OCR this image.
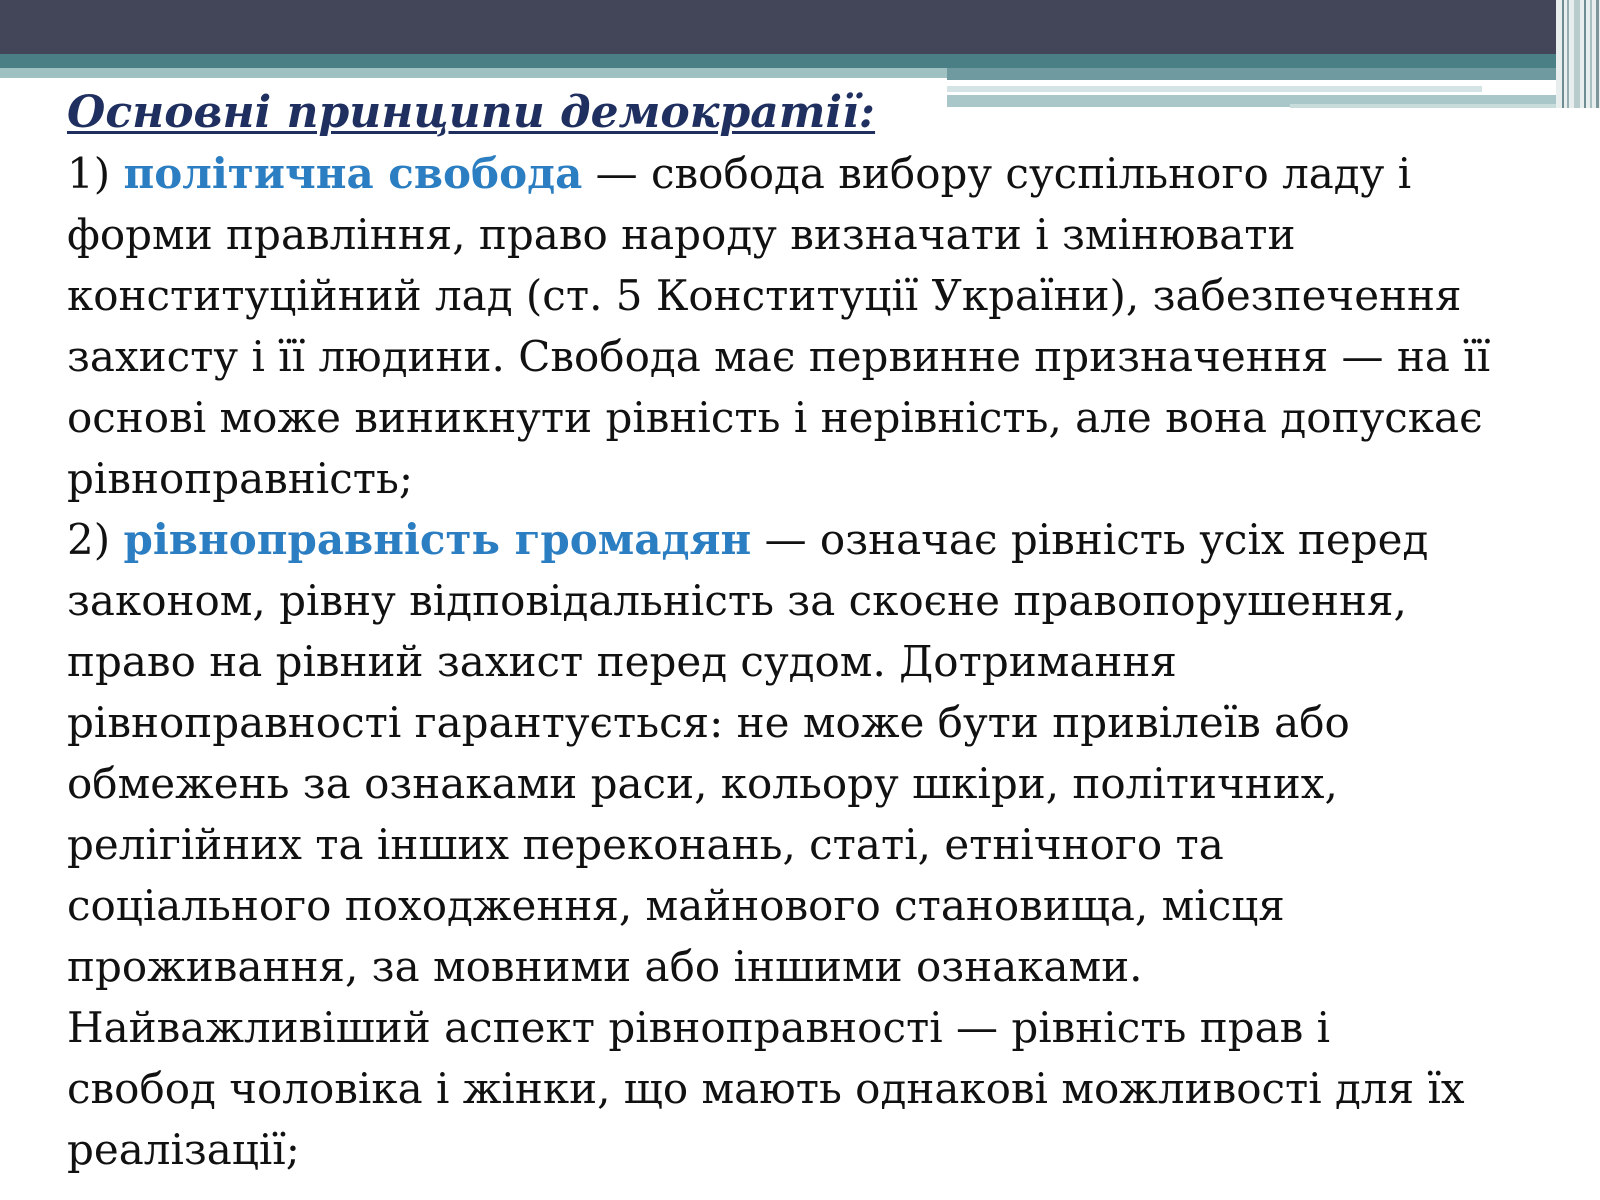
Основні принципи демократії:
1) політична свобода — свобода вибору суспільного ладу і
форми правління, право народу визначати і змінювати
конституційний лад (ст. 5 Конституції України), забезпечення
захисту і її людини. Свобода має первинне призначення — на її
основі може виникнути рівність і нерівність, але вона допускає
рівноправність;
2) рівноправність громадян — означає рівність усіх перед
законом, рівну відповідальність за скоєне правопорушення,
право на рівний захист перед судом. Дотримання
рівноправності гарантується: не може бути привілеїв або
обмежень за ознаками раси, кольору шкіри, політичних,
релігійних та інших переконань, статі, етнічного та
соціального походження, майнового становища, місця
проживання, за мовними або іншими ознаками.
Найважливіший аспект рівноправності — рівність прав і
свобод чоловіка і жінки, що мають однакові можливості для їх
реалізації;
